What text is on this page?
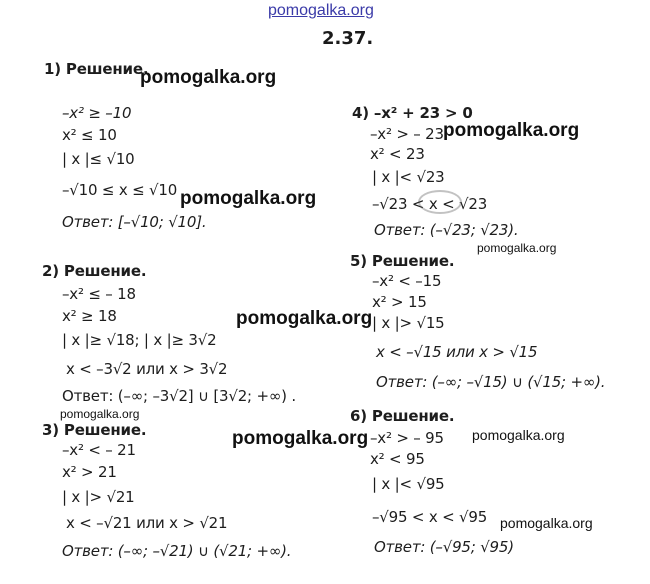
pomogalka.org
2.37.
1) Решение.
–x² ≥ –10
x² ≤ 10
| x |≤ √10
–√10 ≤ x ≤ √10
Ответ: [–√10; √10].
2) Решение.
–x² ≤ – 18
x² ≥ 18
| x |≥ √18; | x |≥ 3√2
x < –3√2 или x > 3√2
Ответ: (–∞; –3√2] ∪ [3√2; +∞) .
3) Решение.
–x² < – 21
x² > 21
| x |> √21
x < –√21 или x > √21
Ответ: (–∞; –√21) ∪ (√21; +∞).
4) –x² + 23 > 0
–x² > – 23
x² < 23
| x |< √23
–√23 < x < √23
Ответ: (–√23; √23).
5) Решение.
–x² < –15
x² > 15
| x |> √15
x < –√15 или x > √15
Ответ: (–∞; –√15) ∪ (√15; +∞).
6) Решение.
–x² > – 95
x² < 95
| x |< √95
–√95 < x < √95
Ответ: (–√95; √95)
pomogalka.org
pomogalka.org
pomogalka.org
pomogalka.org
pomogalka.org
pomogalka.org
pomogalka.org
pomogalka.org
pomogalka.org
